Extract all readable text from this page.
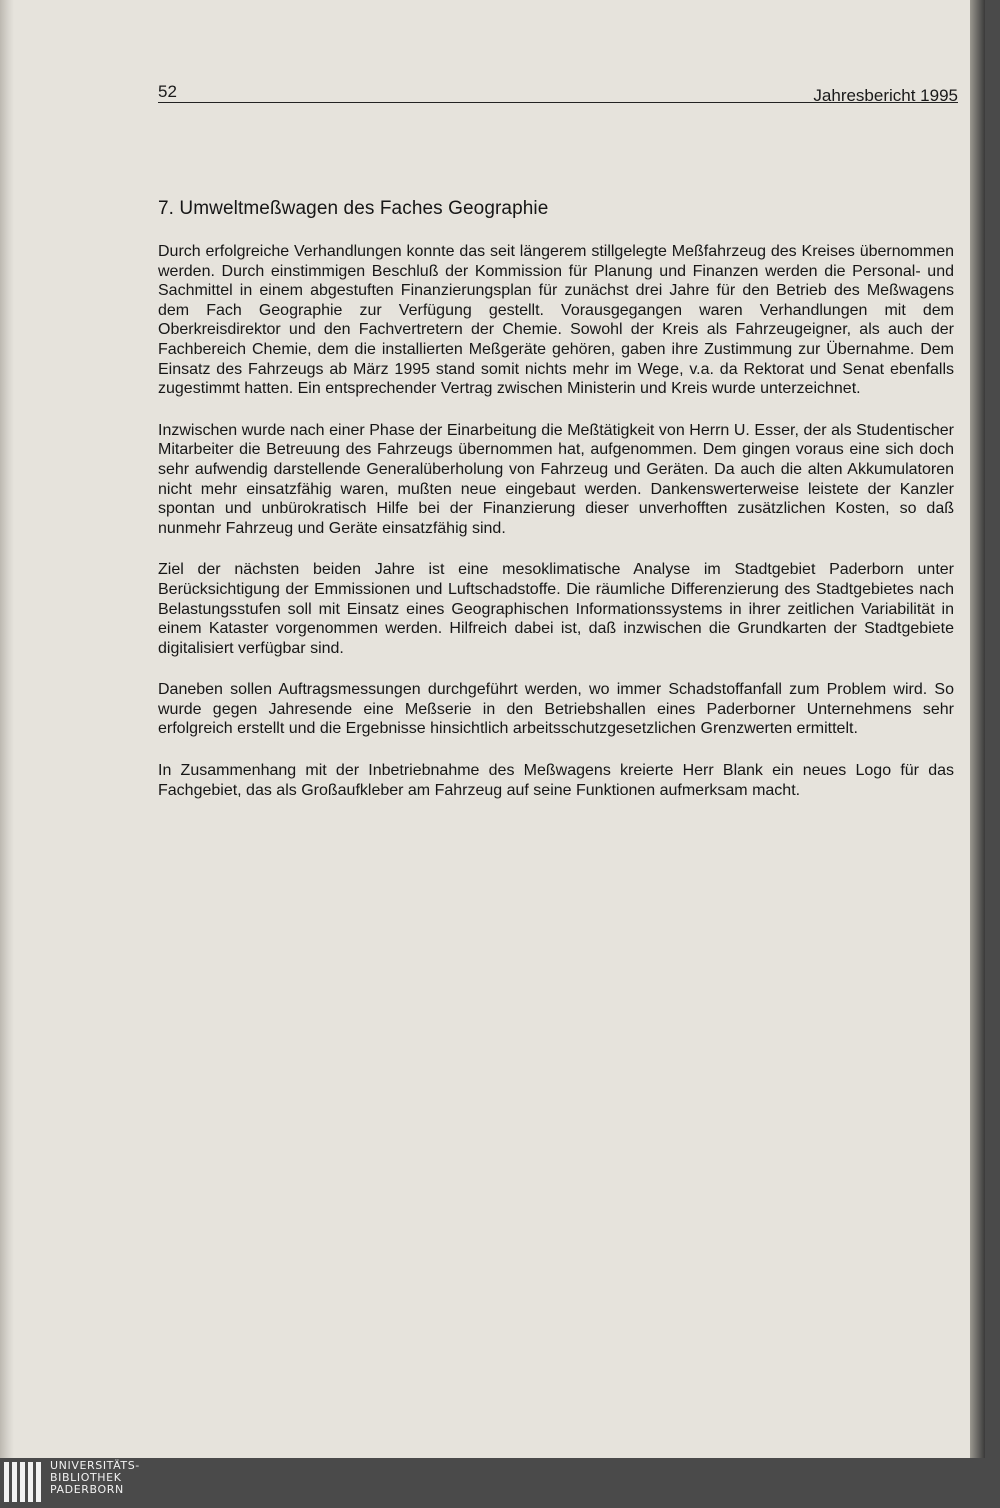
52	Jahresbericht 1995
7. Umweltmeßwagen des Faches Geographie

Durch erfolgreiche Verhandlungen konnte das seit längerem stillgelegte Meßfahrzeug des Kreises übernommen werden. Durch einstimmigen Beschluß der Kommission für Planung und Finanzen werden die Personal- und Sachmittel in einem abgestuften Finanzierungsplan für zunächst drei Jahre für den Betrieb des Meßwagens dem Fach Geographie zur Verfügung gestellt. Vorausgegangen waren Verhandlungen mit dem Oberkreisdirektor und den Fachvertretern der Chemie. Sowohl der Kreis als Fahrzeugeigner, als auch der Fachbereich Chemie, dem die installierten Meßgeräte gehören, gaben ihre Zustimmung zur Übernahme. Dem Einsatz des Fahrzeugs ab März 1995 stand somit nichts mehr im Wege, v.a. da Rektorat und Senat ebenfalls zugestimmt hatten. Ein entsprechender Vertrag zwischen Ministerin und Kreis wurde unterzeichnet.

Inzwischen wurde nach einer Phase der Einarbeitung die Meßtätigkeit von Herrn U. Esser, der als Studentischer Mitarbeiter die Betreuung des Fahrzeugs übernommen hat, aufgenommen. Dem gingen voraus eine sich doch sehr aufwendig darstellende Generalüberholung von Fahrzeug und Geräten. Da auch die alten Akkumulatoren nicht mehr einsatzfähig waren, mußten neue eingebaut werden. Dankenswerterweise leistete der Kanzler spontan und unbürokratisch Hilfe bei der Finanzierung dieser unverhofften zusätzlichen Kosten, so daß nunmehr Fahrzeug und Geräte einsatzfähig sind.

Ziel der nächsten beiden Jahre ist eine mesoklimatische Analyse im Stadtgebiet Paderborn unter Berücksichtigung der Emmissionen und Luftschadstoffe. Die räumliche Differenzierung des Stadtgebietes nach Belastungsstufen soll mit Einsatz eines Geographischen Informationssystems in ihrer zeitlichen Variabilität in einem Kataster vorgenommen werden. Hilfreich dabei ist, daß inzwischen die Grundkarten der Stadtgebiete digitalisiert verfügbar sind.

Daneben sollen Auftragsmessungen durchgeführt werden, wo immer Schadstoffanfall zum Problem wird. So wurde gegen Jahresende eine Meßserie in den Betriebshallen eines Paderborner Unternehmens sehr erfolgreich erstellt und die Ergebnisse hinsichtlich arbeitsschutzgesetzlichen Grenzwerten ermittelt.

In Zusammenhang mit der Inbetriebnahme des Meßwagens kreierte Herr Blank ein neues Logo für das Fachgebiet, das als Großaufkleber am Fahrzeug auf seine Funktionen aufmerksam macht.

UNIVERSITÄTS-
BIBLIOTHEK
PADERBORN
